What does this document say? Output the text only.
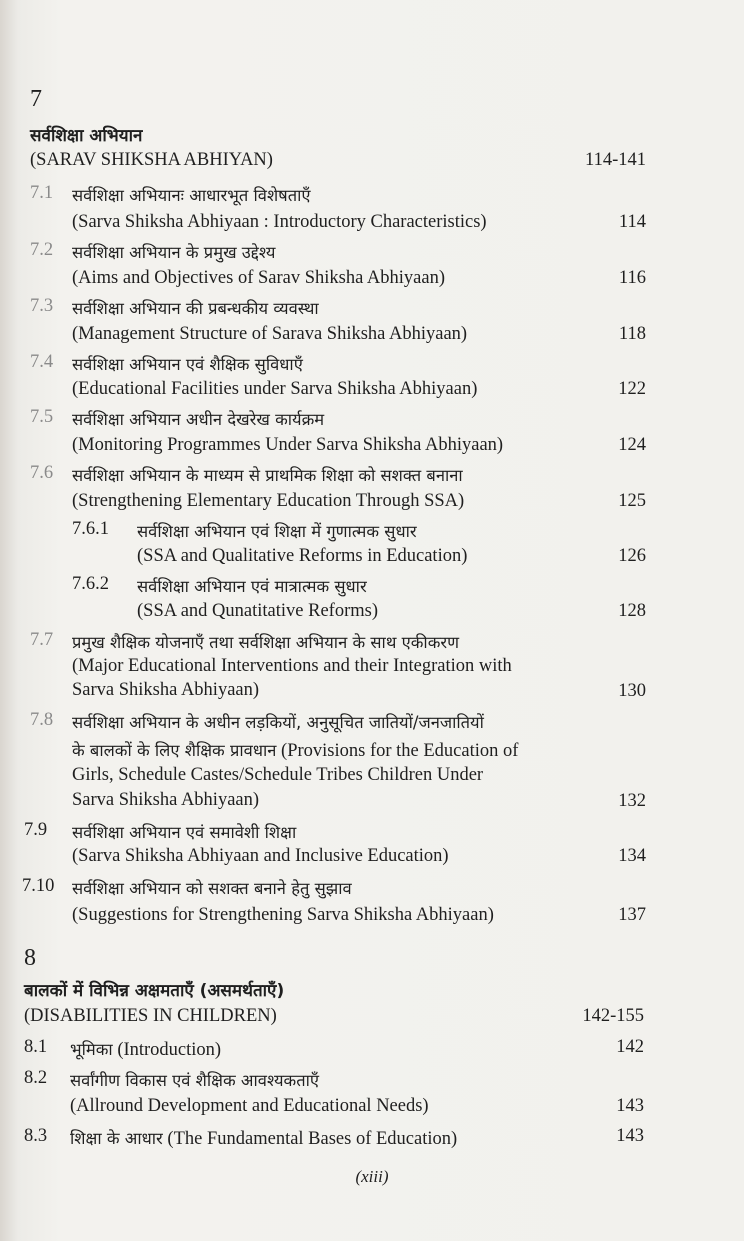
7
सर्वशिक्षा अभियान
(SARAV SHIKSHA ABHIYAN)	114-141
7.1 सर्वशिक्षा अभियानः आधारभूत विशेषताएँ
(Sarva Shiksha Abhiyaan : Introductory Characteristics)	114
7.2 सर्वशिक्षा अभियान के प्रमुख उद्देश्य
(Aims and Objectives of Sarav Shiksha Abhiyaan)	116
7.3 सर्वशिक्षा अभियान की प्रबन्धकीय व्यवस्था
(Management Structure of Sarava Shiksha Abhiyaan)	118
7.4 सर्वशिक्षा अभियान एवं शैक्षिक सुविधाएँ
(Educational Facilities under Sarva Shiksha Abhiyaan)	122
7.5 सर्वशिक्षा अभियान अधीन देखरेख कार्यक्रम
(Monitoring Programmes Under Sarva Shiksha Abhiyaan)	124
7.6 सर्वशिक्षा अभियान के माध्यम से प्राथमिक शिक्षा को सशक्त बनाना
(Strengthening Elementary Education Through SSA)	125
7.6.1 सर्वशिक्षा अभियान एवं शिक्षा में गुणात्मक सुधार
(SSA and Qualitative Reforms in Education)	126
7.6.2 सर्वशिक्षा अभियान एवं मात्रात्मक सुधार
(SSA and Qunatitative Reforms)	128
7.7 प्रमुख शैक्षिक योजनाएँ तथा सर्वशिक्षा अभियान के साथ एकीकरण
(Major Educational Interventions and their Integration with
Sarva Shiksha Abhiyaan)	130
7.8 सर्वशिक्षा अभियान के अधीन लड़कियों, अनुसूचित जातियों/जनजातियों
के बालकों के लिए शैक्षिक प्रावधान (Provisions for the Education of
Girls, Schedule Castes/Schedule Tribes Children Under
Sarva Shiksha Abhiyaan)	132
7.9 सर्वशिक्षा अभियान एवं समावेशी शिक्षा
(Sarva Shiksha Abhiyaan and Inclusive Education)	134
7.10 सर्वशिक्षा अभियान को सशक्त बनाने हेतु सुझाव
(Suggestions for Strengthening Sarva Shiksha Abhiyaan)	137
8
बालकों में विभिन्न अक्षमताएँ (असमर्थताएँ)
(DISABILITIES IN CHILDREN)	142-155
8.1 भूमिका (Introduction)	142
8.2 सर्वांगीण विकास एवं शैक्षिक आवश्यकताएँ
(Allround Development and Educational Needs)	143
8.3 शिक्षा के आधार (The Fundamental Bases of Education)	143
(xiii)
